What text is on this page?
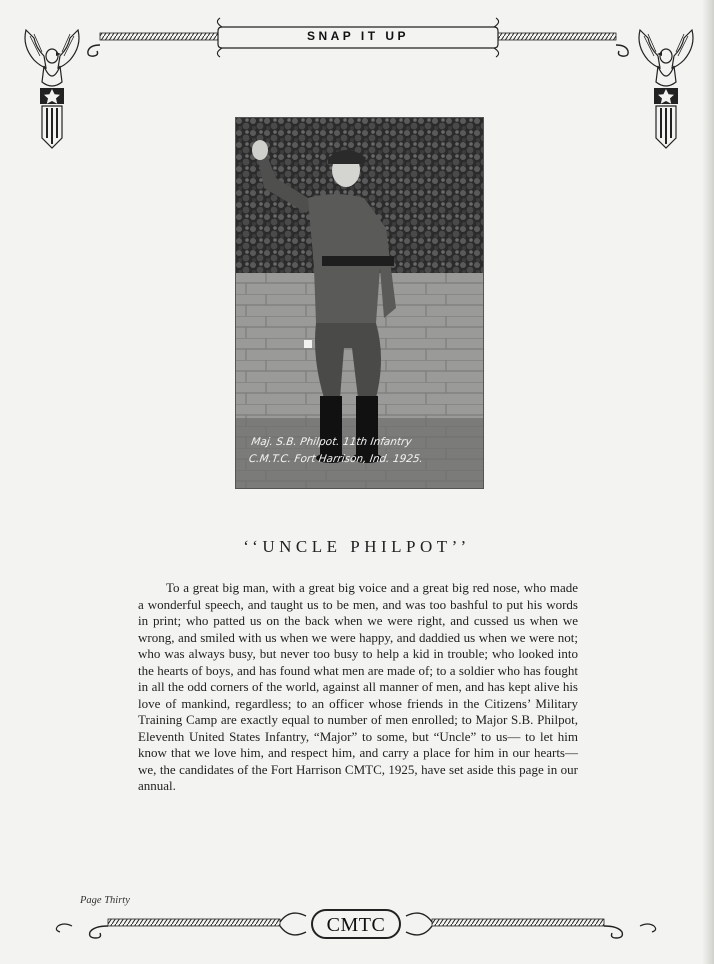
SNAP IT UP
Maj. S.B. Philpot. 11th Infantry
C.M.T.C. Fort Harrison, Ind. 1925.
‘‘UNCLE PHILPOT’’
To a great big man, with a great big voice and a great big red nose, who made a wonderful speech, and taught us to be men, and was too bashful to put his words in print; who patted us on the back when we were right, and cussed us when we wrong, and smiled with us when we were happy, and daddied us when we were not; who was always busy, but never too busy to help a kid in trouble; who looked into the hearts of boys, and has found what men are made of; to a soldier who has fought in all the odd corners of the world, against all manner of men, and has kept alive his love of mankind, regardless; to an officer whose friends in the Citizens’ Military Training Camp are exactly equal to number of men enrolled; to Major S.B. Philpot, Eleventh United States Infantry, “Major” to some, but “Uncle” to us— to let him know that we love him, and respect him, and carry a place for him in our hearts— we, the candidates of the Fort Harrison CMTC, 1925, have set aside this page in our annual.
Page Thirty
CMTC
